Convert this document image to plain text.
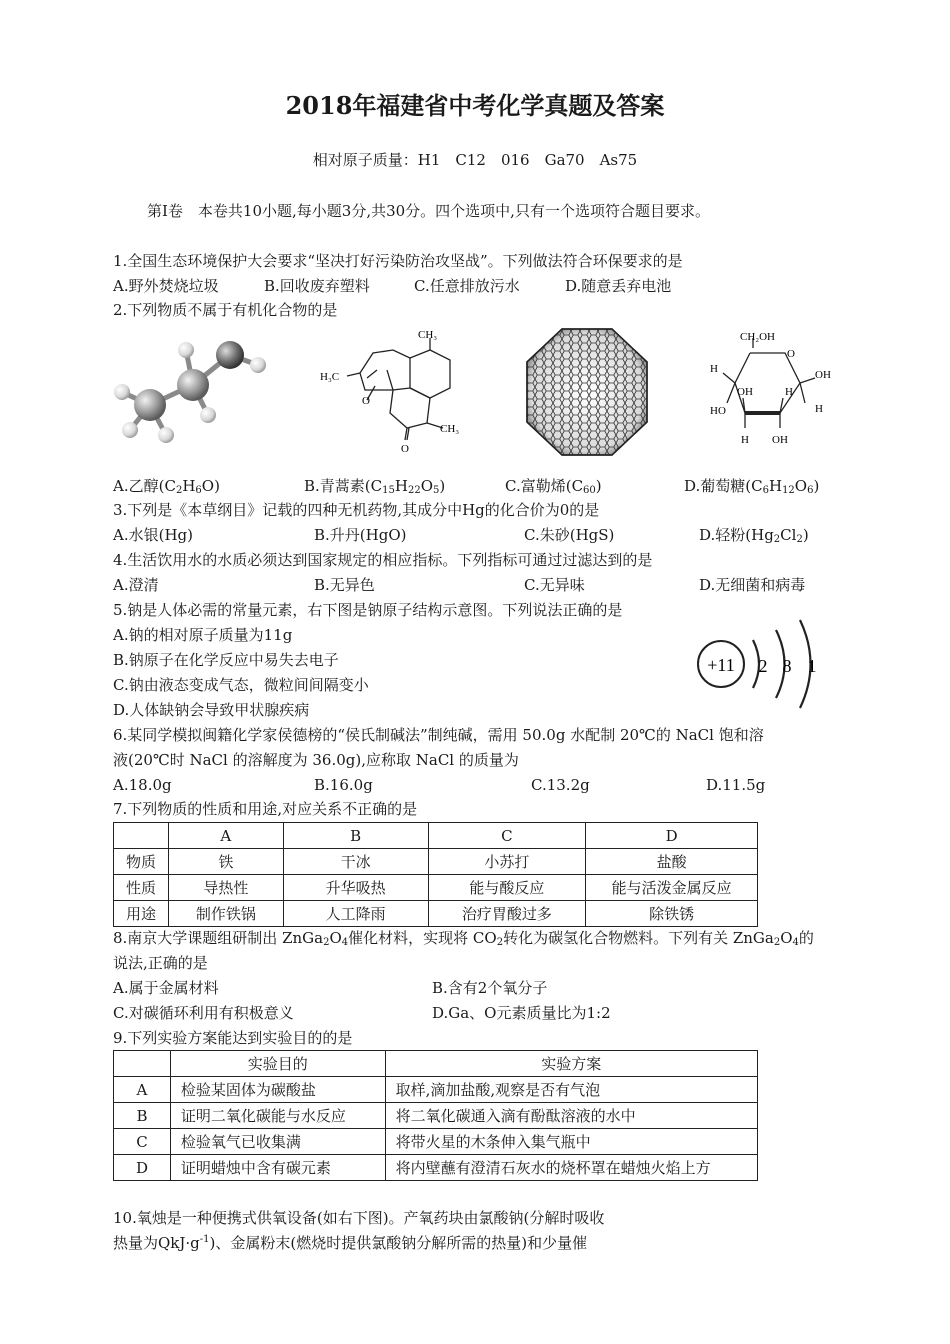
2018年福建省中考化学真题及答案
相对原子质量：H1　C12　016　Ga70　As75
第Ⅰ卷　本卷共10小题,每小题3分,共30分。四个选项中,只有一个选项符合题目要求。
1.全国生态环境保护大会要求“坚决打好污染防治攻坚战”。下列做法符合环保要求的是
A.野外焚烧垃圾	B.回收废弃塑料	C.任意排放污水	D.随意丢弃电池
2.下列物质不属于有机化合物的是
CH₃
H₃C
CH₃
O
O
CH₂OH
O
OH
H
HO
OH	H
H OH
H
A.乙醇$(C_2H_6O)$	B.青蒿素$(C_{15}H_{22}O_5)$	C.富勒烯$(C_{60})$	D.葡萄糖$(C_6H_{12}O_6)$
3.下列是《本草纲目》记载的四种无机药物,其成分中Hg的化合价为0的是
A.水银(Hg)	B.升丹(HgO)	C.朱砂(HgS)	D.轻粉$(Hg_2Cl_2)$
4.生活饮用水的水质必须达到国家规定的相应指标。下列指标可通过过滤达到的是
A.澄清	B.无异色	C.无异味	D.无细菌和病毒
5.钠是人体必需的常量元素，右下图是钠原子结构示意图。下列说法正确的是
A.钠的相对原子质量为11g
B.钠原子在化学反应中易失去电子
C.钠由液态变成气态，微粒间间隔变小
D.人体缺钠会导致甲状腺疾病
+11 2 8 1
6.某同学模拟闽籍化学家侯德榜的“侯氏制碱法”制纯碱，需用 50.0g 水配制 20℃的 NaCl 饱和溶
液(20℃时 NaCl 的溶解度为 36.0g),应称取 NaCl 的质量为
A.18.0g	B.16.0g	C.13.2g	D.11.5g
7.下列物质的性质和用途,对应关系不正确的是
	A	B	C	D
物质	铁	干冰	小苏打	盐酸
性质	导热性	升华吸热	能与酸反应	能与活泼金属反应
用途	制作铁锅	人工降雨	治疗胃酸过多	除铁锈
8.南京大学课题组研制出 $ZnGa_2O_4$催化材料，实现将 $CO_2$转化为碳氢化合物燃料。下列有关 $ZnGa_2O_4$的
说法,正确的是
A.属于金属材料	B.含有2个氧分子
C.对碳循环利用有积极意义	D.Ga、O元素质量比为1:2
9.下列实验方案能达到实验目的的是
	实验目的	实验方案
A	检验某固体为碳酸盐	取样,滴加盐酸,观察是否有气泡
B	证明二氧化碳能与水反应	将二氧化碳通入滴有酚酞溶液的水中
C	检验氧气已收集满	将带火星的木条伸入集气瓶中
D	证明蜡烛中含有碳元素	将内壁蘸有澄清石灰水的烧杯罩在蜡烛火焰上方
10.氧烛是一种便携式供氧设备(如右下图)。产氧药块由氯酸钠(分解时吸收
热量为$QkJ\cdot g^{-1}$)、金属粉末(燃烧时提供氯酸钠分解所需的热量)和少量催
